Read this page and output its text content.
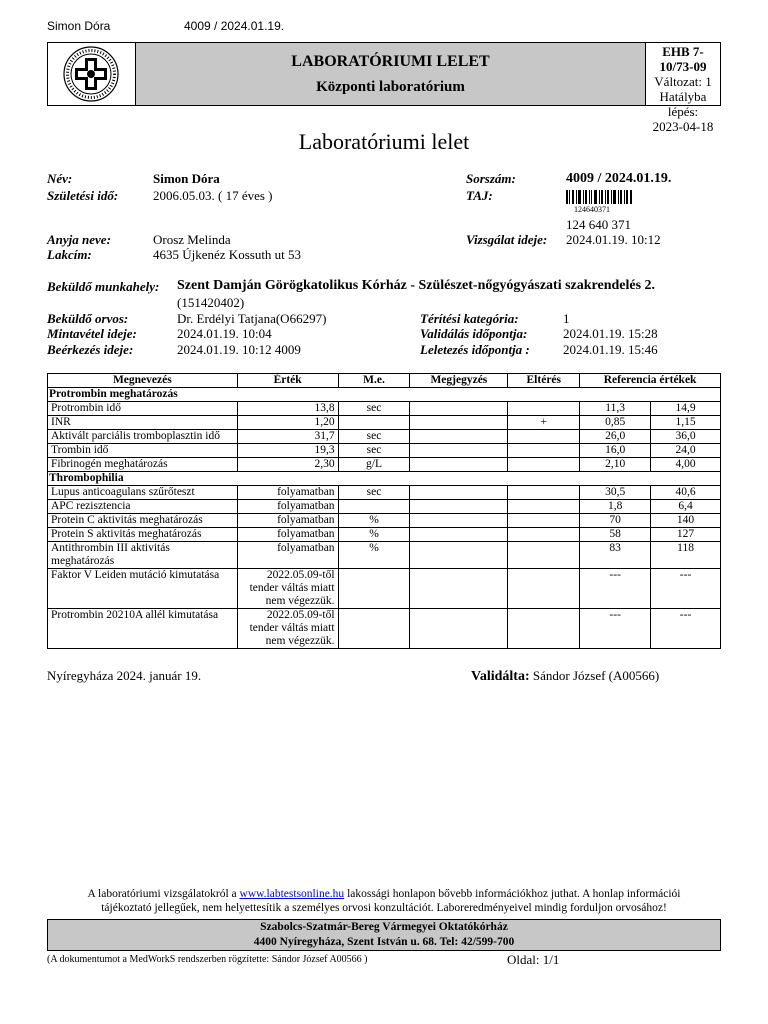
Simon Dóra	4009 / 2024.01.19.
LABORATÓRIUMI LELET
Központi laboratórium
EHB 7-10/73-09
Változat: 1
Hatályba lépés:
2023-04-18
Laboratóriumi lelet
Név:	Simon Dóra
Születési idő:	2006.05.03. ( 17 éves )
Anyja neve:	Orosz Melinda
Lakcím:	4635 Újkenéz Kossuth ut 53
Sorszám:	4009 / 2024.01.19.
TAJ:
124640371
124 640 371
Vizsgálat ideje: 2024.01.19. 10:12
Beküldő munkahely: Szent Damján Görögkatolikus Kórház - Szülészet-nőgyógyászati szakrendelés 2.
(151420402)
Beküldő orvos:	Dr. Erdélyi Tatjana(O66297)
Mintavétel ideje:	2024.01.19. 10:04
Beérkezés ideje:	2024.01.19. 10:12 4009
Térítési kategória:	1
Validálás időpontja:	2024.01.19. 15:28
Leletezés időpontja :	2024.01.19. 15:46
Megnevezés	Érték	M.e.	Megjegyzés	Eltérés	Referencia értékek	
Protrombin meghatározás						
Protrombin idő	13,8	sec			11,3	14,9
INR	1,20			+	0,85	1,15
Aktivált parciális tromboplasztin idő	31,7	sec			26,0	36,0
Trombin idő	19,3	sec			16,0	24,0
Fibrinogén meghatározás	2,30	g/L			2,10	4,00
Thrombophilia						
Lupus anticoagulans szűrőteszt	folyamatban	sec			30,5	40,6
APC rezisztencia	folyamatban				1,8	6,4
Protein C aktivitás meghatározás	folyamatban	%			70	140
Protein S aktivitás meghatározás	folyamatban	%			58	127
Antithrombin III aktivitás meghatározás	folyamatban	%			83	118
Faktor V Leiden mutáció kimutatása	2022.05.09-től tender váltás miatt nem végezzük.				---	---
Protrombin 20210A allél kimutatása	2022.05.09-től tender váltás miatt nem végezzük.				---	---
Nyíregyháza 2024. január 19.	Validálta: Sándor József (A00566)
A laboratóriumi vizsgálatokról a www.labtestsonline.hu lakossági honlapon bővebb információkhoz juthat. A honlap információi
tájékoztató jellegűek, nem helyettesítik a személyes orvosi konzultációt. Laboreredményeivel mindig forduljon orvosához!
Szabolcs-Szatmár-Bereg Vármegyei Oktatókórház
4400 Nyíregyháza, Szent István u. 68. Tel: 42/599-700
(A dokumentumot a MedWorkS rendszerben rögzítette: Sándor József A00566 )	Oldal: 1/1
